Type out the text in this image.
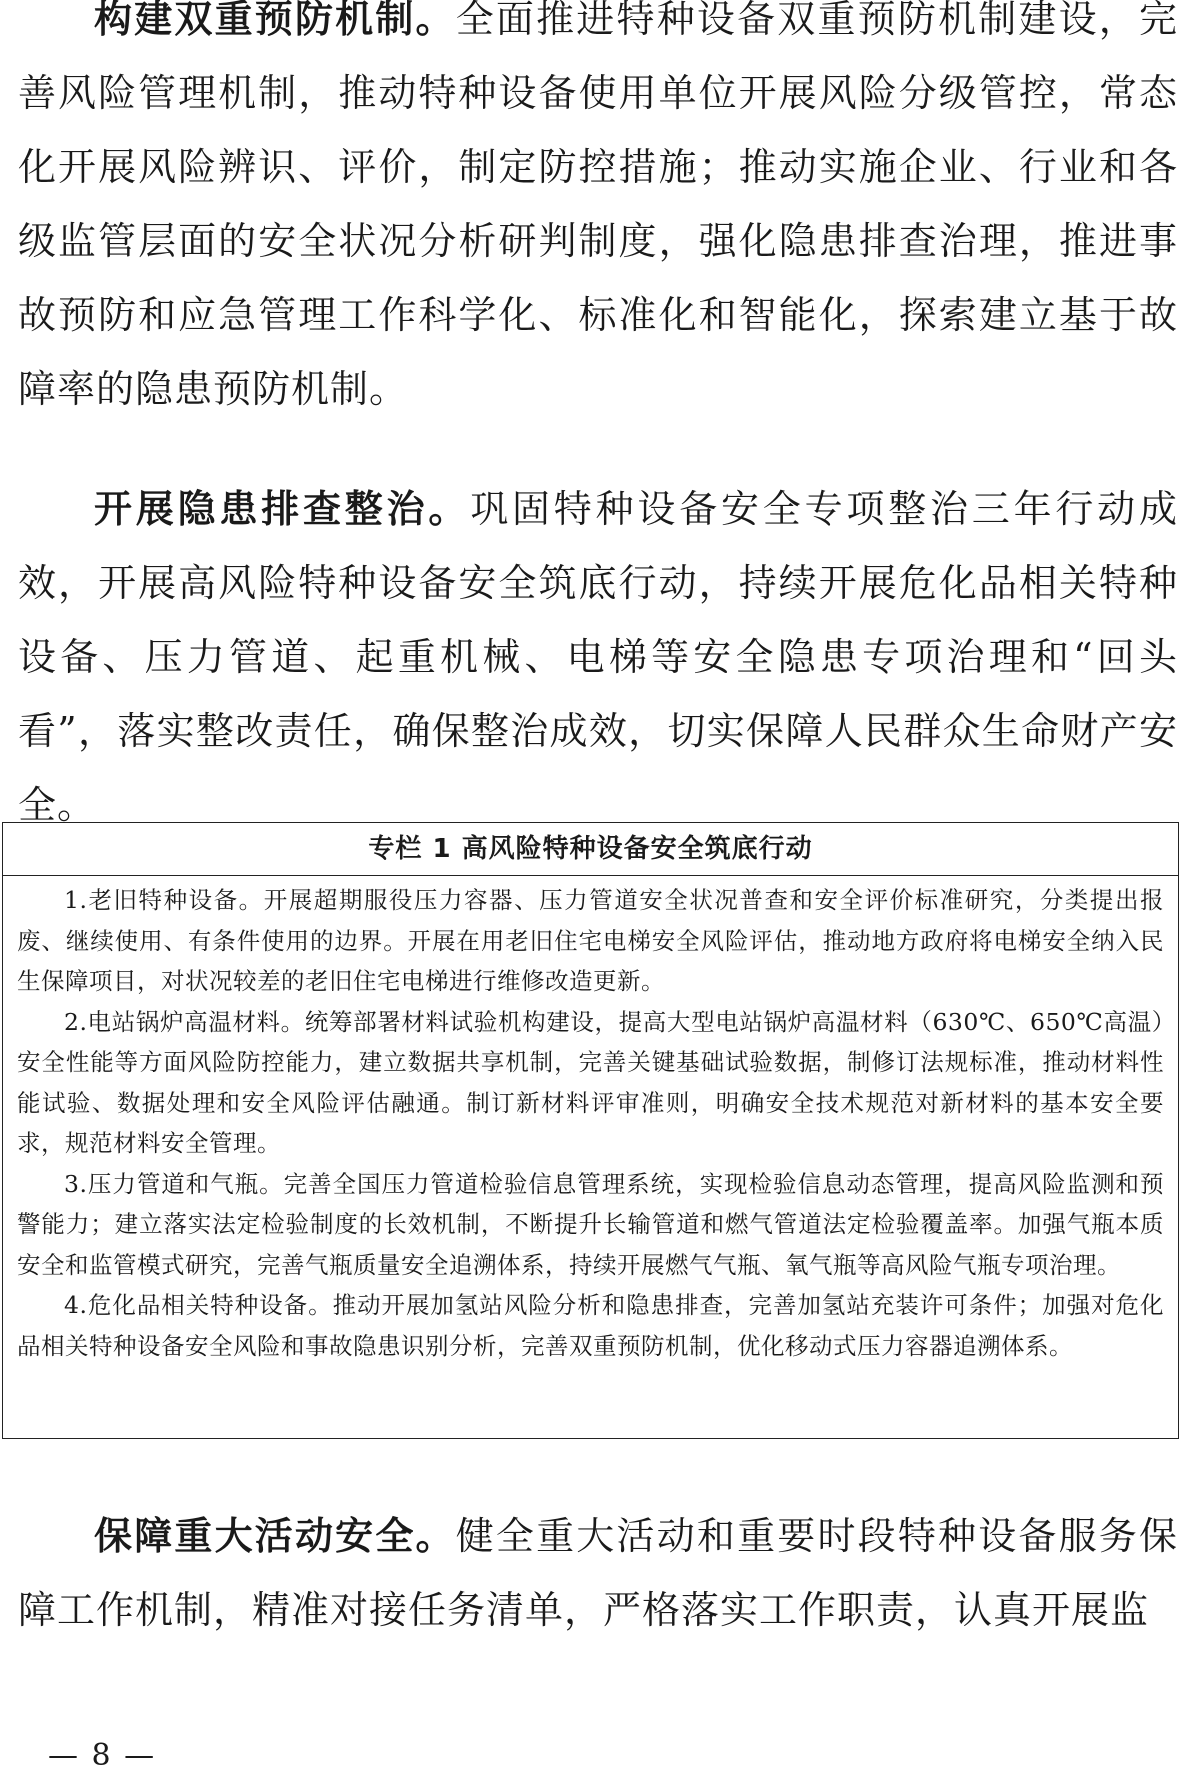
构建双重预防机制。全面推进特种设备双重预防机制建设，完善风险管理机制，推动特种设备使用单位开展风险分级管控，常态化开展风险辨识、评价，制定防控措施；推动实施企业、行业和各级监管层面的安全状况分析研判制度，强化隐患排查治理，推进事故预防和应急管理工作科学化、标准化和智能化，探索建立基于故障率的隐患预防机制。

开展隐患排查整治。巩固特种设备安全专项整治三年行动成效，开展高风险特种设备安全筑底行动，持续开展危化品相关特种设备、压力管道、起重机械、电梯等安全隐患专项治理和“回头看”，落实整改责任，确保整治成效，切实保障人民群众生命财产安全。

专栏 1 高风险特种设备安全筑底行动

1.老旧特种设备。开展超期服役压力容器、压力管道安全状况普查和安全评价标准研究，分类提出报废、继续使用、有条件使用的边界。开展在用老旧住宅电梯安全风险评估，推动地方政府将电梯安全纳入民生保障项目，对状况较差的老旧住宅电梯进行维修改造更新。

2.电站锅炉高温材料。统筹部署材料试验机构建设，提高大型电站锅炉高温材料（630℃、650℃高温）安全性能等方面风险防控能力，建立数据共享机制，完善关键基础试验数据，制修订法规标准，推动材料性能试验、数据处理和安全风险评估融通。制订新材料评审准则，明确安全技术规范对新材料的基本安全要求，规范材料安全管理。

3.压力管道和气瓶。完善全国压力管道检验信息管理系统，实现检验信息动态管理，提高风险监测和预警能力；建立落实法定检验制度的长效机制，不断提升长输管道和燃气管道法定检验覆盖率。加强气瓶本质安全和监管模式研究，完善气瓶质量安全追溯体系，持续开展燃气气瓶、氧气瓶等高风险气瓶专项治理。

4.危化品相关特种设备。推动开展加氢站风险分析和隐患排查，完善加氢站充装许可条件；加强对危化品相关特种设备安全风险和事故隐患识别分析，完善双重预防机制，优化移动式压力容器追溯体系。

保障重大活动安全。健全重大活动和重要时段特种设备服务保障工作机制，精准对接任务清单，严格落实工作职责，认真开展监

— 8 —
